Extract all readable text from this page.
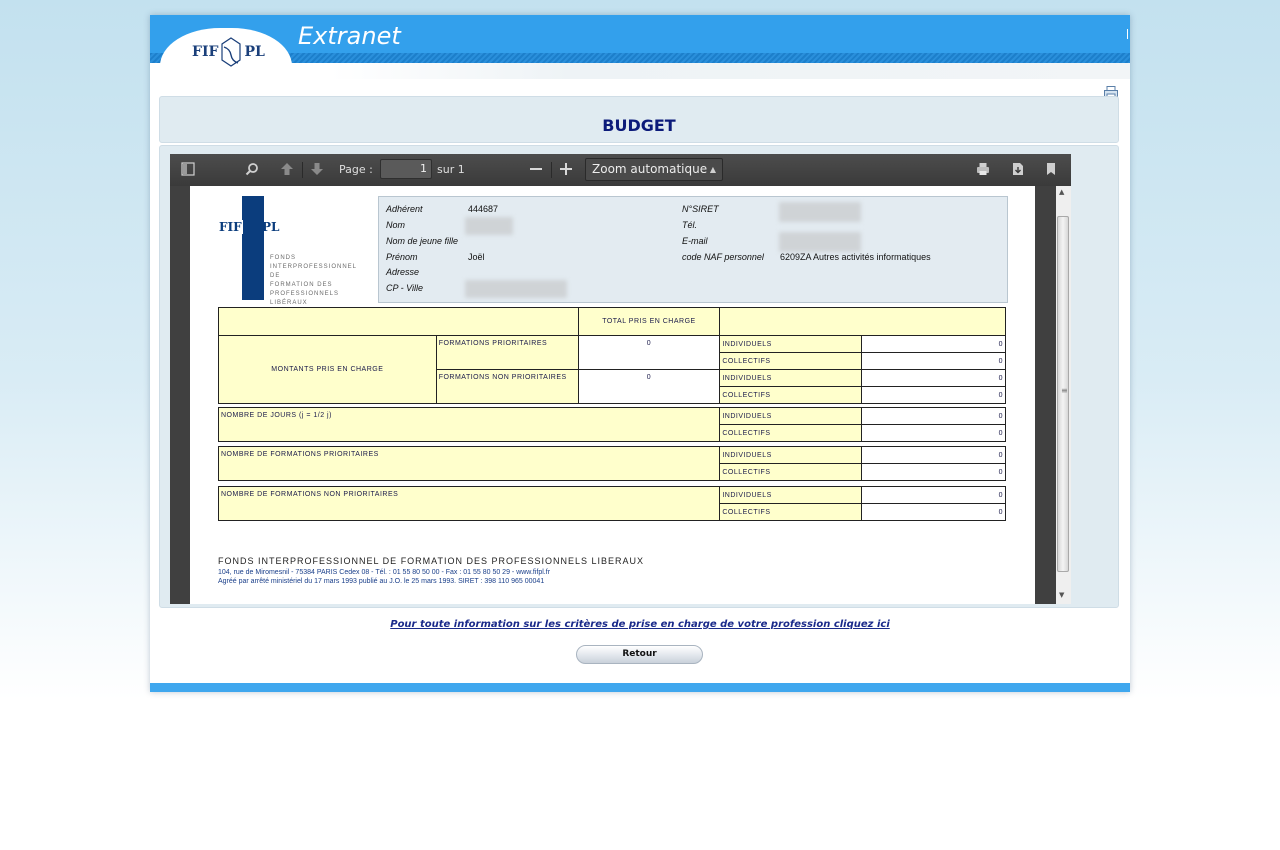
FIF PL
Extranet
BUDGET
Page :	1 sur 1	Zoom automatique ▲

FIF PL
FONDS
INTERPROFESSIONNEL DE
FORMATION DES
PROFESSIONNELS
LIBÉRAUX
Adhérent	444687
Nom
Nom de jeune fille
Prénom	Joël
Adresse
CP - Ville
N°SIRET
Tél.
E-mail
code NAF personnel 6209ZA Autres activités informatiques
		TOTAL PRIS EN CHARGE		
MONTANTS PRIS EN CHARGE	FORMATIONS PRIORITAIRES	0	INDIVIDUELS	0
			COLLECTIFS	0
	FORMATIONS NON PRIORITAIRES	0	INDIVIDUELS	0
			COLLECTIFS	0
NOMBRE DE JOURS (j = 1/2 j)	INDIVIDUELS	0
	COLLECTIFS	0
NOMBRE DE FORMATIONS PRIORITAIRES	INDIVIDUELS	0
	COLLECTIFS	0
NOMBRE DE FORMATIONS NON PRIORITAIRES	INDIVIDUELS	0
	COLLECTIFS	0
FONDS INTERPROFESSIONNEL DE FORMATION DES PROFESSIONNELS LIBERAUX
104, rue de Miromesnil - 75384 PARIS Cedex 08 - Tél. : 01 55 80 50 00 - Fax : 01 55 80 50 29 - www.fifpl.fr
Agréé par arrêté ministériel du 17 mars 1993 publié au J.O. le 25 mars 1993. SIRET : 398 110 965 00041
▲
≡
▼
Pour toute information sur les critères de prise en charge de votre profession cliquez ici
Retour
